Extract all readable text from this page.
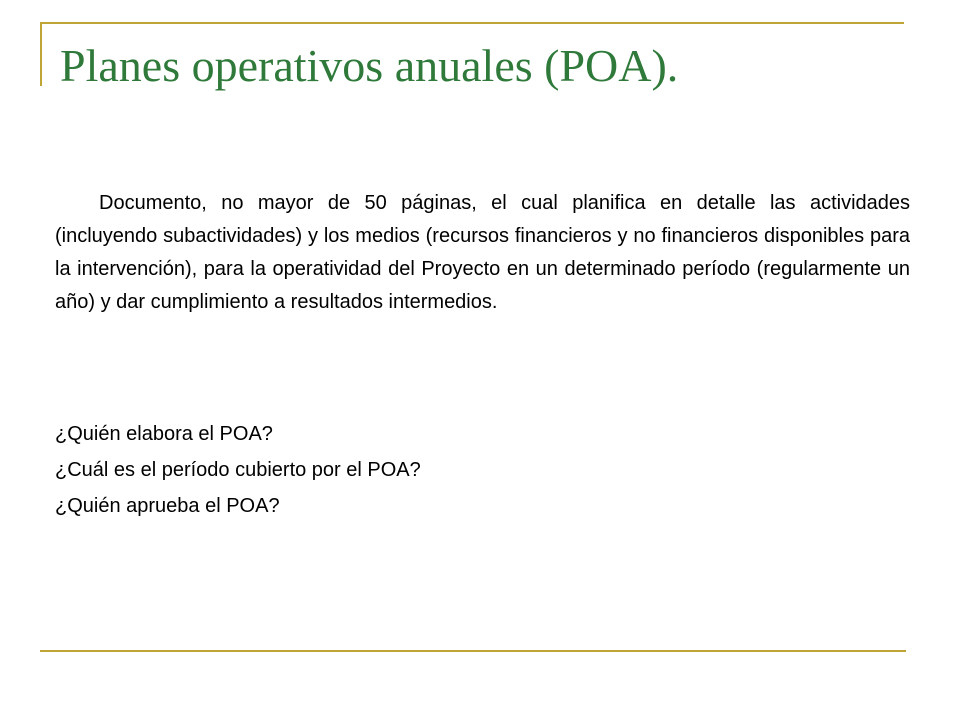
Planes operativos anuales (POA).

Documento, no mayor de 50 páginas, el cual planifica en detalle las actividades (incluyendo subactividades) y los medios (recursos financieros y no financieros disponibles para la intervención), para la operatividad del Proyecto en un determinado período (regularmente un año) y dar cumplimiento a resultados intermedios.

¿Quién elabora el POA?
¿Cuál es el período cubierto por el POA?
¿Quién aprueba el POA?
